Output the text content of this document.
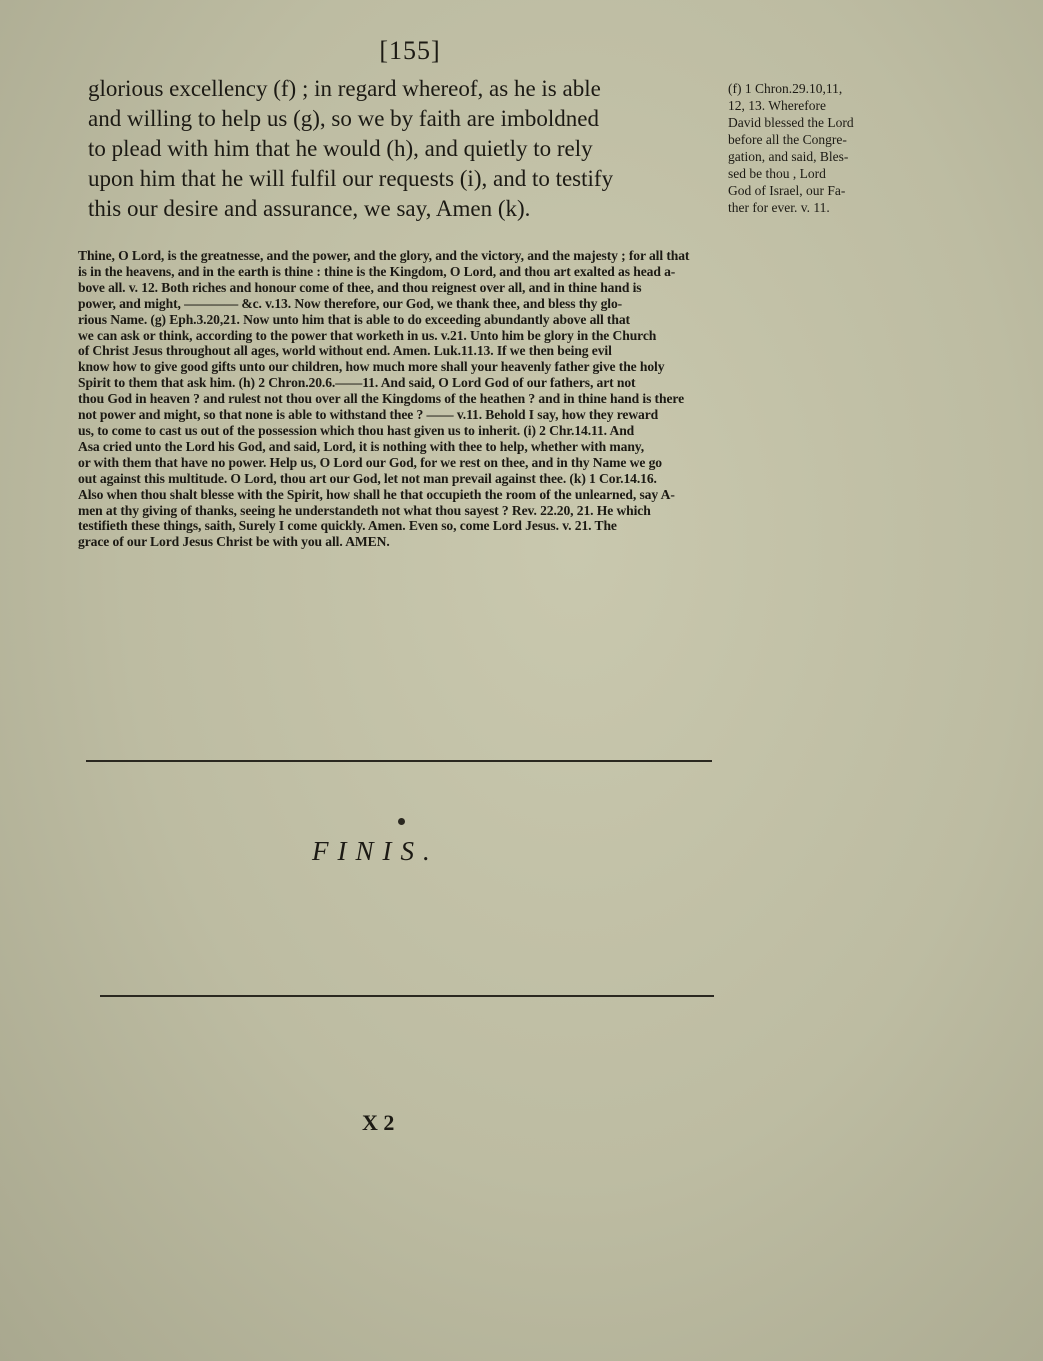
[155]
glorious excellency (f) ; in regard whereof, as he is able
and willing to help us (g), so we by faith are imboldned
to plead with him that he would (h), and quietly to rely
upon him that he will fulfil our requests (i), and to testify
this our desire and assurance, we say, Amen (k).
(f) 1 Chron.29.10,11,
12, 13. Wherefore
David blessed the Lord
before all the Congre-
gation, and said, Bles-
sed be thou , Lord
God of Israel, our Fa-
ther for ever. v. 11.
Thine, O Lord, is the greatnesse, and the power, and the glory, and the victory, and the majesty ; for all that
is in the heavens, and in the earth is thine : thine is the Kingdom, O Lord, and thou art exalted as head a-
bove all. v. 12. Both riches and honour come of thee, and thou reignest over all, and in thine hand is
power, and might, ———— &c. v.13. Now therefore, our God, we thank thee, and bless thy glo-
rious Name. (g) Eph.3.20,21. Now unto him that is able to do exceeding abundantly above all that
we can ask or think, according to the power that worketh in us. v.21. Unto him be glory in the Church
of Christ Jesus throughout all ages, world without end. Amen. Luk.11.13. If we then being evil
know how to give good gifts unto our children, how much more shall your heavenly father give the holy
Spirit to them that ask him. (h) 2 Chron.20.6.——11. And said, O Lord God of our fathers, art not
thou God in heaven ? and rulest not thou over all the Kingdoms of the heathen ? and in thine hand is there
not power and might, so that none is able to withstand thee ? —— v.11. Behold I say, how they reward
us, to come to cast us out of the possession which thou hast given us to inherit. (i) 2 Chr.14.11. And
Asa cried unto the Lord his God, and said, Lord, it is nothing with thee to help, whether with many,
or with them that have no power. Help us, O Lord our God, for we rest on thee, and in thy Name we go
out against this multitude. O Lord, thou art our God, let not man prevail against thee. (k) 1 Cor.14.16.
Also when thou shalt blesse with the Spirit, how shall he that occupieth the room of the unlearned, say A-
men at thy giving of thanks, seeing he understandeth not what thou sayest ? Rev. 22.20, 21. He which
testifieth these things, saith, Surely I come quickly. Amen. Even so, come Lord Jesus. v. 21. The
grace of our Lord Jesus Christ be with you all. AMEN.
FINIS.
X 2
